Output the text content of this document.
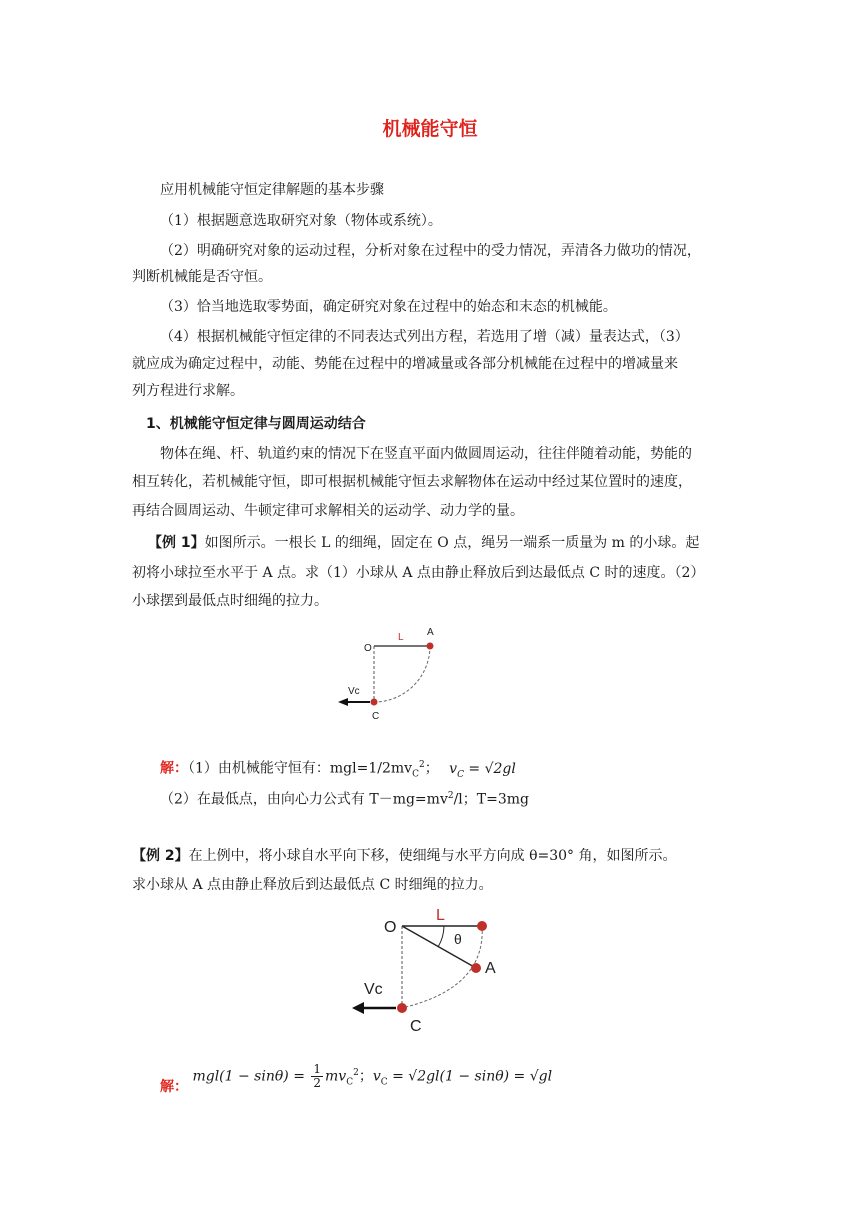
机械能守恒
应用机械能守恒定律解题的基本步骤
（1）根据题意选取研究对象（物体或系统）。
（2）明确研究对象的运动过程，分析对象在过程中的受力情况，弄清各力做功的情况，
判断机械能是否守恒。
（3）恰当地选取零势面，确定研究对象在过程中的始态和末态的机械能。
（4）根据机械能守恒定律的不同表达式列出方程，若选用了增（减）量表达式，（3）
就应成为确定过程中，动能、势能在过程中的增减量或各部分机械能在过程中的增减量来
列方程进行求解。
1、机械能守恒定律与圆周运动结合
物体在绳、杆、轨道约束的情况下在竖直平面内做圆周运动，往往伴随着动能，势能的
相互转化，若机械能守恒，即可根据机械能守恒去求解物体在运动中经过某位置时的速度，
再结合圆周运动、牛顿定律可求解相关的运动学、动力学的量。
【例 1】如图所示。一根长 L 的细绳，固定在 O 点，绳另一端系一质量为 m 的小球。起
初将小球拉至水平于 A 点。求（1）小球从 A 点由静止释放后到达最低点 C 时的速度。（2）
小球摆到最低点时细绳的拉力。
O
L A
C
Vc
解：（1）由机械能守恒有：$mgl=1/2mv_C^2$； $v_C = √2gl$
（2）在最低点，由向心力公式有 $T-mg=mv^2/l$；T=3mg
【例 2】在上例中，将小球自水平向下移，使细绳与水平方向成 θ=30° 角，如图所示。
求小球从 A 点由静止释放后到达最低点 C 时细绳的拉力。
O
L
θ
A
C
Vc
解： $mgl(1 - \sin\theta) = \frac{1}{2} mv_C^2$；$v_C = √2gl(1 - \sin\theta) = √gl$
